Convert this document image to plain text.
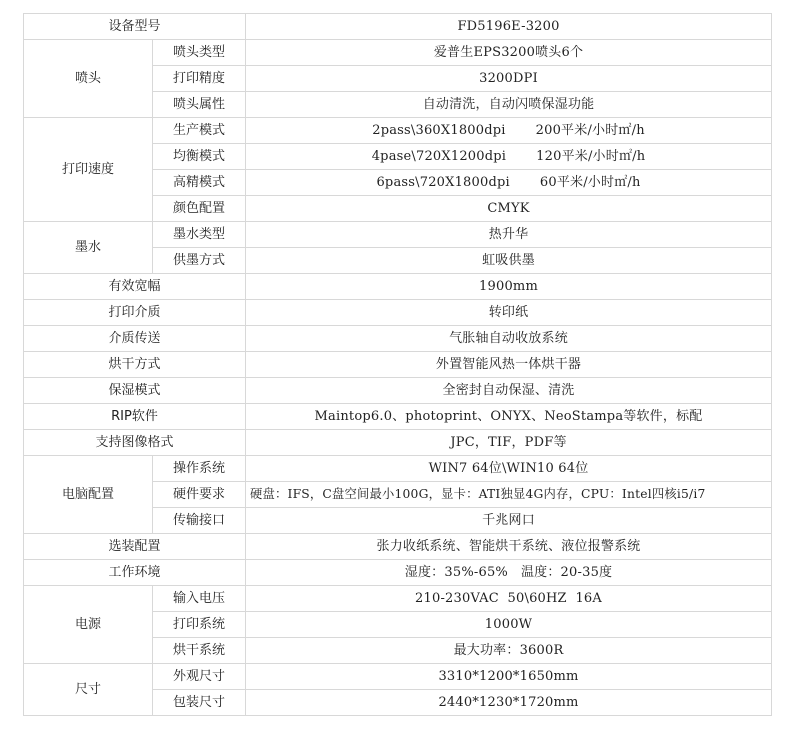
设备型号		FD5196E-3200
喷头	喷头类型	爱普生EPS3200喷头6个
	打印精度	3200DPI
	喷头属性	自动清洗，自动闪喷保湿功能
打印速度	生产模式	2pass\360X1800dpi 200平米/小时㎡/h
	均衡模式	4pase\720X1200dpi 120平米/小时㎡/h
	高精模式	6pass\720X1800dpi 60平米/小时㎡/h
	颜色配置	CMYK
墨水	墨水类型	热升华
	供墨方式	虹吸供墨
有效宽幅		1900mm
打印介质		转印纸
介质传送		气胀轴自动收放系统
烘干方式		外置智能风热一体烘干器
保湿模式		全密封自动保湿、清洗
RIP软件		Maintop6.0、photoprint、ONYX、NeoStampa等软件，标配
支持图像格式		JPC，TIF，PDF等
电脑配置	操作系统	WIN7 64位\WIN10 64位
	硬件要求	硬盘：IFS，C盘空间最小100G，显卡：ATI独显4G内存，CPU：Intel四核i5/i7
	传输接口	千兆网口
选装配置		张力收纸系统、智能烘干系统、液位报警系统
工作环境		湿度：35%-65%   温度：20-35度
电源	输入电压	210-230VAC  50\60HZ  16A
	打印系统	1000W
	烘干系统	最大功率：3600R
尺寸	外观尺寸	3310*1200*1650mm
	包装尺寸	2440*1230*1720mm
